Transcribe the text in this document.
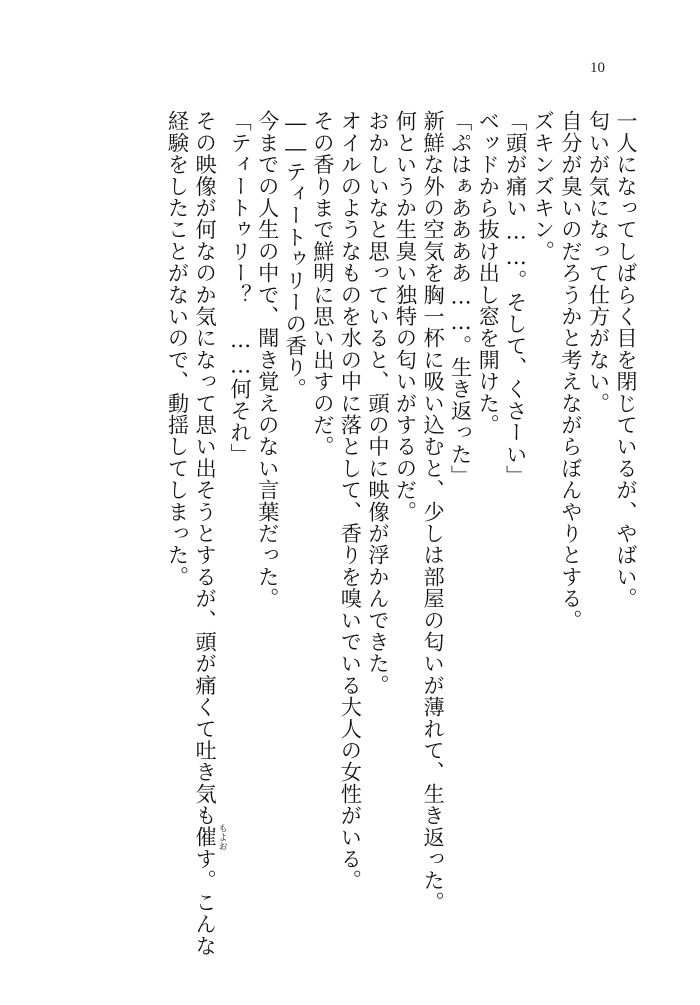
10
一人になってしばらく目を閉じているが、やばい。
匂いが気になって仕方がない。
自分が臭いのだろうかと考えながらぼんやりとする。
ズキンズキン。
「頭が痛い……。そして、くさーい」
ベッドから抜け出し窓を開けた。
「ぷはぁああああ……。生き返った」
新鮮な外の空気を胸一杯に吸い込むと、少しは部屋の匂いが薄れて、生き返った。
何というか生臭い独特の匂いがするのだ。
おかしいなと思っていると、頭の中に映像が浮かんできた。
オイルのようなものを水の中に落として、香りを嗅いでいる大人の女性がいる。
その香りまで鮮明に思い出すのだ。
――ティートゥリーの香り。
今までの人生の中で、聞き覚えのない言葉だった。
「ティートゥリー？　……何それ」
その映像が何なのか気になって思い出そうとするが、頭が痛くて吐き気も催もよおす。こんな
経験をしたことがないので、動揺してしまった。
